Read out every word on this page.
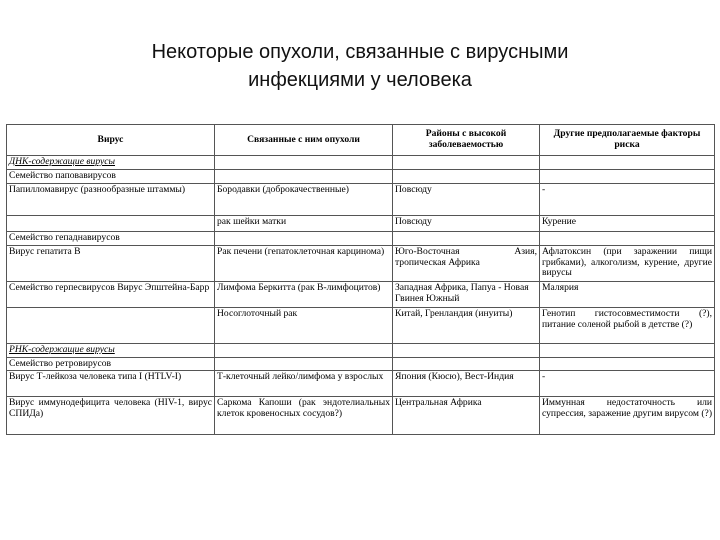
Некоторые опухоли, связанные с вирусными
инфекциями у человека
Вирус	Связанные с ним опухоли	Районы с высокой заболеваемостью	Другие предполагаемые факторы риска
ДНК-содержащие вирусы			
Семейство паповавирусов			
Папилломавирус (разнообразные штаммы)	Бородавки (доброкачественные)	Повсюду	-
	рак шейки матки	Повсюду	Курение
Семейство гепаднавирусов			
Вирус гепатита В	Рак печени (гепатоклеточная карцинома)	Юго-Восточная Азия, тропическая Африка	Афлатоксин (при заражении пищи грибками), алкоголизм, курение, другие вирусы
Семейство герпесвирусов Вирус Эпштейна-Барр	Лимфома Беркитта (рак В-лимфоцитов)	Западная Африка, Папуа - Новая Гвинея Южный	Малярия
	Носоглоточный рак	Китай, Гренландия (инуиты)	Генотип гистосовместимости (?), питание соленой рыбой в детстве (?)
РНК-содержащие вирусы			
Семейство ретровирусов			
Вирус Т-лейкоза человека типа I (HTLV-I)	Т-клеточный лейко/лимфома у взрослых	Япония (Кюсю), Вест-Индия	-
Вирус иммунодефицита человека (HIV-1, вирус СПИДа)	Саркома Капоши (рак эндотелиальных клеток кровеносных сосудов?)	Центральная Африка	Иммунная недостаточность или супрессия, заражение другим вирусом (?)
